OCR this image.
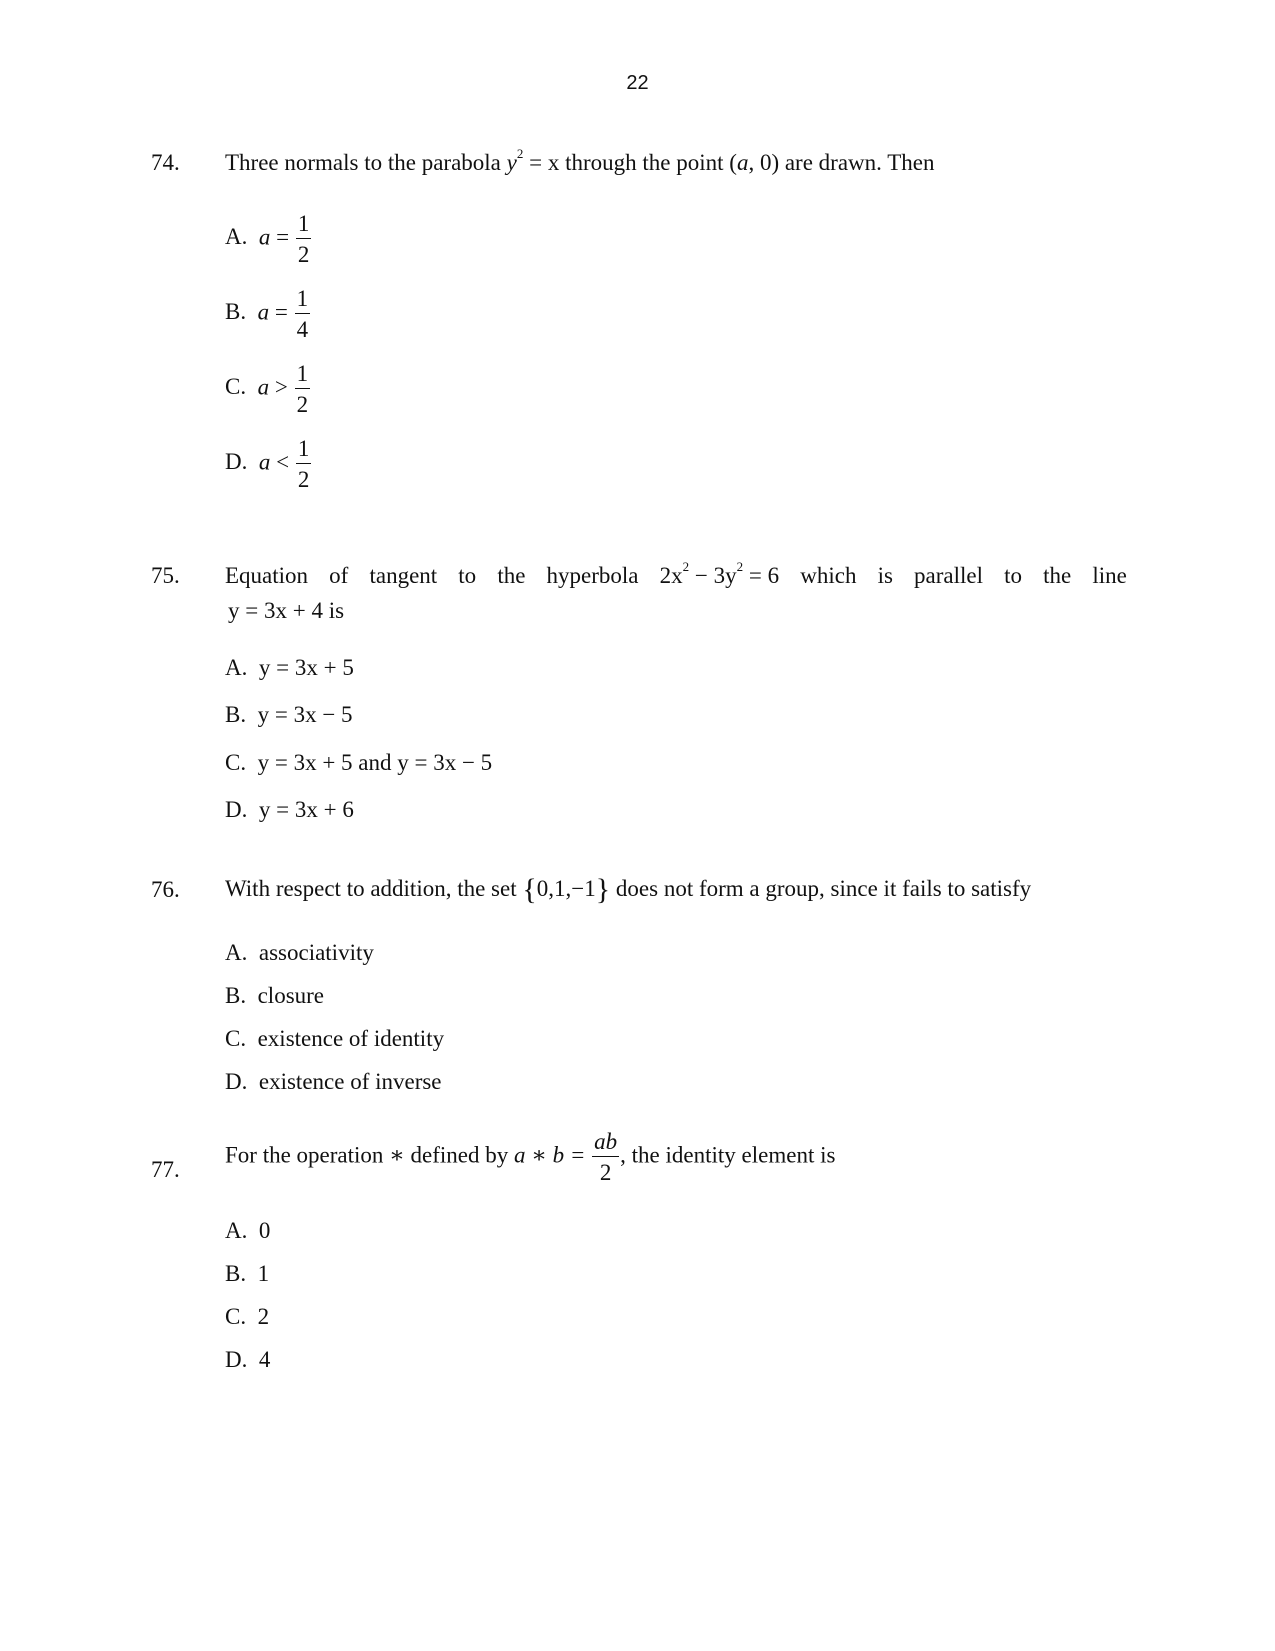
22
74. Three normals to the parabola $y^2 = x$ through the point (a, 0) are drawn. Then
A. $a = \frac{1}{2}$
B. $a = \frac{1}{4}$
C. $a > \frac{1}{2}$
D. $a < \frac{1}{2}$
75. Equation of tangent to the hyperbola $2x^2 - 3y^2 = 6$ which is parallel to the line
y = 3x + 4 is
A. y = 3x + 5
B. y = 3x − 5
C. y = 3x + 5 and y = 3x − 5
D. y = 3x + 6
76. With respect to addition, the set {0,1,−1} does not form a group, since it fails to satisfy
A. associativity
B. closure
C. existence of identity
D. existence of inverse
77.
For the operation ∗ defined by a ∗ $b = \frac{ab}{2}$ , the identity element is
A. 0
B. 1
C. 2
D. 4
